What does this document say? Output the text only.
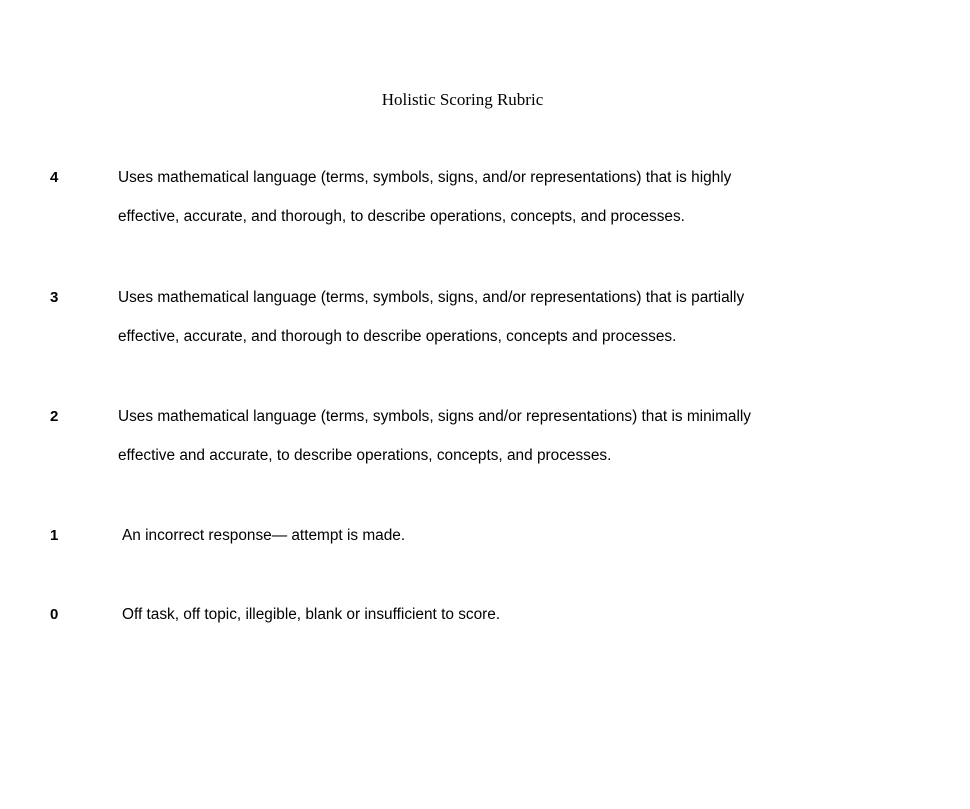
Holistic Scoring Rubric
4	Uses mathematical language (terms, symbols, signs, and/or representations) that is highly
effective, accurate, and thorough, to describe operations, concepts, and processes.
3	Uses mathematical language (terms, symbols, signs, and/or representations) that is partially
effective, accurate, and thorough to describe operations, concepts and processes.
2	Uses mathematical language (terms, symbols, signs and/or representations) that is minimally
effective and accurate, to describe operations, concepts, and processes.
1	An incorrect response— attempt is made.
0	Off task, off topic, illegible, blank or insufficient to score.
